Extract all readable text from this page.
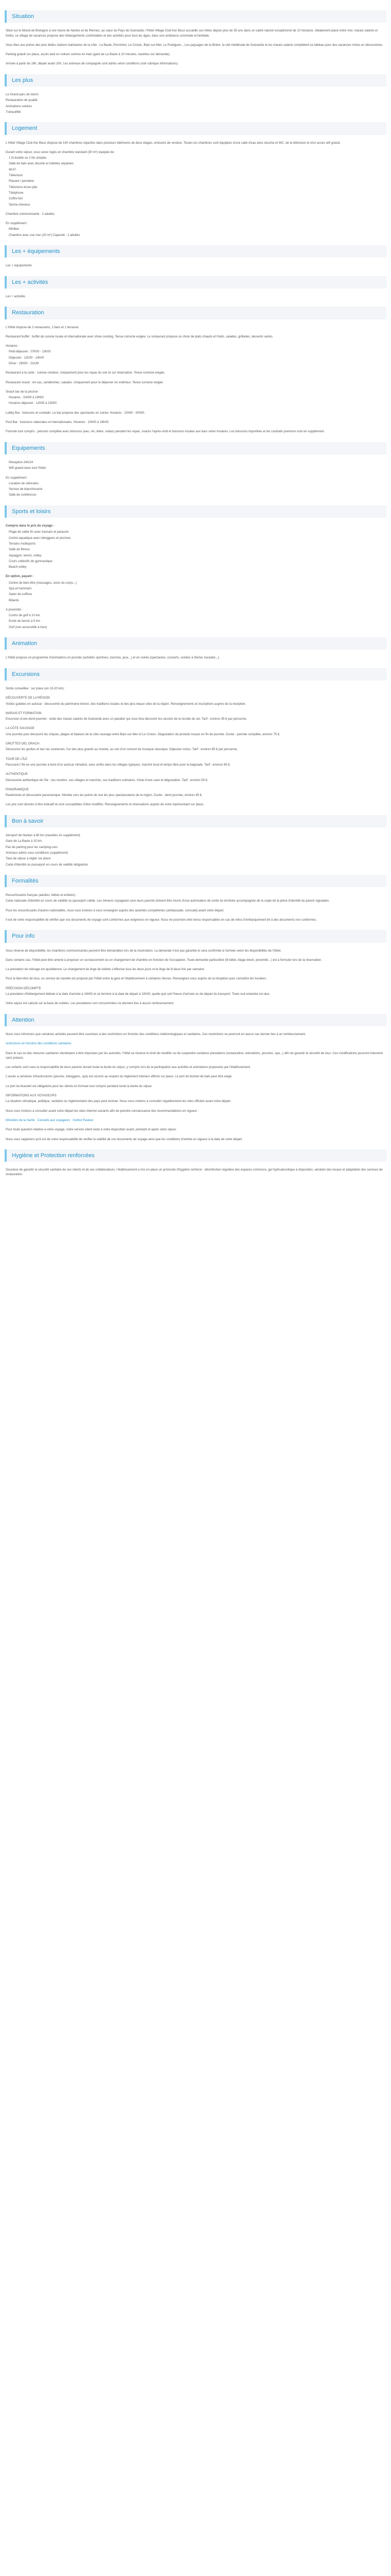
Situation

Situé sur le littoral de Bretagne à une heure de Nantes et de Rennes, au cœur du Pays de Guérande, l'Hôtel Village Club Ker Beuz accueille ses hôtes depuis plus de 35 ans dans un cadre naturel exceptionnel de 10 hectares. Idéalement placé entre mer, marais salants et forêts, ce village de vacances propose des hébergements confortables et des activités pour tous les âges, dans une ambiance conviviale et familiale.

Vous êtes aux portes des plus belles stations balnéaires de la côte : La Baule, Pornichet, Le Croisic, Batz-sur-Mer, Le Pouliguen... Les paysages de la Brière, la cité médiévale de Guérande et les marais salants complètent ce tableau pour des vacances riches en découvertes.

Parking gratuit sur place, accès aisé en voiture comme en train (gare de La Baule à 10 minutes, navettes sur demande).

Arrivée à partir de 16h, départ avant 10h. Les animaux de compagnie sont admis selon conditions (voir rubrique informations).

Les plus
Le Grand parc de loisirs
Restauration de qualité
Animations soirées
Tranquillité
Logement

L'Hôtel Village Club Ker Beuz dispose de 140 chambres réparties dans plusieurs bâtiments de deux étages, entourés de verdure. Toutes les chambres sont équipées d'une salle d'eau avec douche et WC, de la télévision et d'un accès wifi gratuit.

Durant votre séjour, vous serez logés en chambre standard (30 m²) équipée de :

1 lit double ou 2 lits simples
Salle de bain avec douche et toilettes séparées
Wi-Fi
Télévision
Placard / penderie
Télévision écran plat
Téléphone
Coffre-fort
Sèche-cheveux

Chambre communicante : 2 adultes

En supplément :

Minibar
Chambre avec vue mer (20 m²) Capacité : 2 adultes
Les + équipements

Les + équipements

Les + activités

Les + activités

Restauration

L'Hôtel dispose de 2 restaurants, 2 bars et 1 terrasse.

Restaurant buffet : buffet de cuisine locale et internationale avec show cooking. Tenue correcte exigée. Le restaurant propose un choix de plats chauds et froids, salades, grillades, desserts variés.

Horaires :

Petit-déjeuner : 07h00 - 10h00
Déjeuner : 12h30 - 14h00
Dîner : 19h00 - 21h30

Restaurant à la carte : cuisine créative. Uniquement pour les repas du soir et sur réservation. Tenue correcte exigée.

Restaurant snack : en-cas, sandwiches, salades. Uniquement pour le déjeuner en extérieur. Tenue correcte exigée.

Snack bar de la piscine :

Horaires : 10h00 à 19h00
Horaires déjeuner : 12h00 à 15h00

Lobby Bar : boissons et cocktails. Le bar propose des spectacles en soirée. Horaires : 10h00 - 00h00.

Pool Bar : boissons nationales et internationales. Horaires : 10h00 à 19h00.

Formule tout compris : pension complète avec boissons (eau, vin, bière, sodas) pendant les repas, snacks l'après-midi et boissons locales aux bars selon horaires. Les boissons importées et les cocktails premium sont en supplément.

Equipements
Réception 24h/24
Wifi gratuit dans tout l'hôtel

En supplément :

Location de véhicules
Service de blanchisserie
Salle de conférence
Sports et loisirs

Compris dans le prix du voyage :

Plage de sable fin avec transats et parasols
Centre aquatique avec toboggans et piscines
Terrains multisports
Salle de fitness
Aquagym, tennis, volley
Cours collectifs de gymnastique
Beach-volley

En option, payant :

Centre de bien-être (massages, soins du corps...)
Spa et hammam
Salon de coiffure
Billards

A proximité :

Courts de golf à 10 km
Ecole de tennis à 5 km
Golf (non accessible à tous)
Animation

L'Hôtel propose un programme d'animations en journée (activités sportives, tournois, jeux...) et en soirée (spectacles, concerts, soirées à thème, karaoké...).

Excursions

Sortie conseillée : sur place (en 10-20 km) :

DÉCOUVERTE DE LA RÉGION

Visites guidées en autocar : découverte du patrimoine breton, des traditions locales et des plus beaux sites de la région. Renseignements et inscriptions auprès de la réception.

MARAIS ET FORMATION

Excursion d'une demi-journée : visite des marais salants de Guérande avec un paludier qui vous fera découvrir les secrets de la récolte du sel. Tarif : environ 35 € par personne.

LA CÔTE SAUVAGE

Une journée pour découvrir les criques, plages et falaises de la côte sauvage entre Batz-sur-Mer et Le Croisic. Dégustation de produits locaux en fin de journée. Durée : journée complète, environ 75 €.

GROTTES DEL DRACH

Découvrez les grottes et leur lac souterrain, l'un des plus grands au monde, au son d'un concert de musique classique. Déjeuner inclus. Tarif : environ 85 € par personne.

TOUR DE L'ÎLE

Parcourez l'île en une journée à bord d'un autocar climatisé, avec arrêts dans les villages typiques, marché local et temps libre pour la baignade. Tarif : environ 65 €.

AUTHENTIQUE

Découverte authentique de l'île : ses moulins, ses villages et marchés, ses traditions culinaires. Visite d'une cave et dégustation. Tarif : environ 55 €.

PANORAMIQUE

Randonnée et découverte panoramique. Montée vers les points de vue les plus spectaculaires de la région. Durée : demi-journée, environ 45 €.

Les prix sont donnés à titre indicatif et sont susceptibles d'être modifiés. Renseignements et réservations auprès de votre représentant sur place.

Bon à savoir
Aéroport de Nantes à 80 km (navettes en supplément)
Gare de La Baule à 10 km
Pas de parking pour les camping-cars
Animaux admis sous conditions (supplément)
Taxe de séjour à régler sur place
Carte d'identité ou passeport en cours de validité obligatoire
Formalités

Ressortissants français (adultes, bébés et enfants) :

Carte nationale d'identité en cours de validité ou passeport valide. Les mineurs voyageant sans leurs parents doivent être munis d'une autorisation de sortie du territoire accompagnée de la copie de la pièce d'identité du parent signataire.

Pour les ressortissants d'autres nationalités, nous vous invitons à vous renseigner auprès des autorités compétentes (ambassade, consulat) avant votre départ.

Il est de votre responsabilité de vérifier que vos documents de voyage sont conformes aux exigences en vigueur. Nous ne pourrions être tenus responsables en cas de refus d'embarquement lié à des documents non conformes.

Pour info

Sous réserve de disponibilité, les chambres communicantes peuvent être demandées lors de la réservation. La demande n'est pas garantie et sera confirmée à l'arrivée selon les disponibilités de l'hôtel.

Dans certains cas, l'hôtel peut être amené à proposer un surclassement ou un changement de chambre en fonction de l'occupation. Toute demande particulière (lit bébé, étage élevé, proximité...) est à formuler lors de la réservation.

La prestation de ménage est quotidienne. Le changement de linge de toilette s'effectue tous les deux jours et le linge de lit deux fois par semaine.

Pour le bien-être de tous, un service de navette est proposé par l'hôtel entre la gare et l'établissement à certaines heures. Renseignez-vous auprès de la réception pour connaître les horaires.

PRÉCISION DÉCOMPTE

La prestation d'hébergement débute à la date d'arrivée à 16h00 et se termine à la date de départ à 10h00, quelle que soit l'heure d'arrivée ou de départ du transport. Toute nuit entamée est due.

Votre séjour est calculé sur la base de nuitées. Les prestations non consommées ne donnent lieu à aucun remboursement.

Attention

Nous vous informons que certaines activités peuvent être soumises à des restrictions en fonction des conditions météorologiques et sanitaires. Ces restrictions ne pourront en aucun cas donner lieu à un remboursement.

restrictions en fonction des conditions sanitaires

Dans le cas où des mesures sanitaires viendraient à être imposées par les autorités, l'hôtel se réserve le droit de modifier ou de suspendre certaines prestations (restauration, animations, piscines, spa...) afin de garantir la sécurité de tous. Ces modifications pourront intervenir sans préavis.

Les enfants sont sous la responsabilité de leurs parents durant toute la durée du séjour, y compris lors de la participation aux activités et animations proposées par l'établissement.

L'accès à certaines infrastructures (piscine, toboggans, spa) est soumis au respect du règlement intérieur affiché sur place. Le port du bonnet de bain peut être exigé.

Le port du bracelet est obligatoire pour les clients en formule tout compris pendant toute la durée du séjour.

INFORMATIONS AUX VOYAGEURS

La situation climatique, politique, sanitaire ou réglementaire des pays peut évoluer. Nous vous invitons à consulter régulièrement les sites officiels avant votre départ.

Nous vous invitons à consulter avant votre départ les sites internet suivants afin de prendre connaissance des recommandations en vigueur :

Ministère de la Santé Conseils aux voyageurs Institut Pasteur

Pour toute question relative à votre voyage, notre service client reste à votre disposition avant, pendant et après votre séjour.

Nous vous rappelons qu'il est de votre responsabilité de vérifier la validité de vos documents de voyage ainsi que les conditions d'entrée en vigueur à la date de votre départ.

Hygiène et Protection renforcées

Soucieux de garantir la sécurité sanitaire de ses clients et de ses collaborateurs, l'établissement a mis en place un protocole d'hygiène renforcé : désinfection régulière des espaces communs, gel hydroalcoolique à disposition, aération des locaux et adaptation des services de restauration.
